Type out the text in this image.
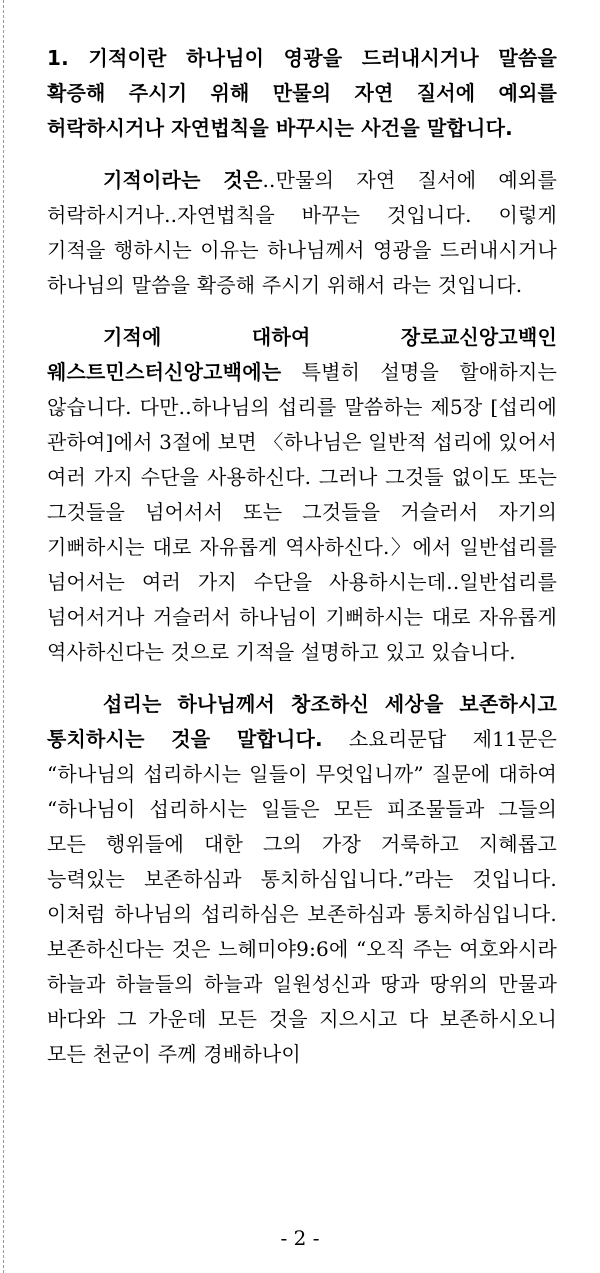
1. 기적이란 하나님이 영광을 드러내시거나 말씀을 확증해 주시기 위해 만물의 자연 질서에 예외를 허락하시거나 자연법칙을 바꾸시는 사건을 말합니다.
기적이라는 것은..만물의 자연 질서에 예외를 허락하시거나..자연법칙을 바꾸는 것입니다. 이렇게 기적을 행하시는 이유는 하나님께서 영광을 드러내시거나 하나님의 말씀을 확증해 주시기 위해서 라는 것입니다.
기적에 대하여 장로교신앙고백인 웨스트민스터신앙고백에는 특별히 설명을 할애하지는 않습니다. 다만..하나님의 섭리를 말씀하는 제5장 [섭리에 관하여]에서 3절에 보면 〈하나님은 일반적 섭리에 있어서 여러 가지 수단을 사용하신다. 그러나 그것들 없이도 또는 그것들을 넘어서서 또는 그것들을 거슬러서 자기의 기뻐하시는 대로 자유롭게 역사하신다.〉에서 일반섭리를 넘어서는 여러 가지 수단을 사용하시는데..일반섭리를 넘어서거나 거슬러서 하나님이 기뻐하시는 대로 자유롭게 역사하신다는 것으로 기적을 설명하고 있고 있습니다.
섭리는 하나님께서 창조하신 세상을 보존하시고 통치하시는 것을 말합니다. 소요리문답 제11문은 “하나님의 섭리하시는 일들이 무엇입니까” 질문에 대하여 “하나님이 섭리하시는 일들은 모든 피조물들과 그들의 모든 행위들에 대한 그의 가장 거룩하고 지혜롭고 능력있는 보존하심과 통치하심입니다.”라는 것입니다. 이처럼 하나님의 섭리하심은 보존하심과 통치하심입니다. 보존하신다는 것은 느헤미야9:6에 “오직 주는 여호와시라 하늘과 하늘들의 하늘과 일원성신과 땅과 땅위의 만물과 바다와 그 가운데 모든 것을 지으시고 다 보존하시오니 모든 천군이 주께 경배하나이
- 2 -
